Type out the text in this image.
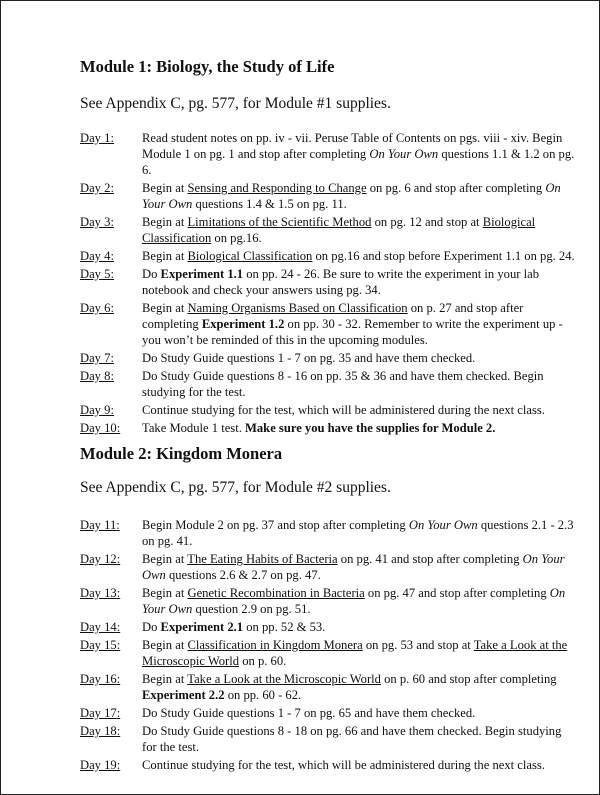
Module 1: Biology, the Study of Life

See Appendix C, pg. 577, for Module #1 supplies.

Day 1:	Read student notes on pp. iv - vii. Peruse Table of Contents on pgs. viii - xiv. Begin Module 1 on pg. 1 and stop after completing On Your Own questions 1.1 & 1.2 on pg. 6.
Day 2:	Begin at Sensing and Responding to Change on pg. 6 and stop after completing On Your Own questions 1.4 & 1.5 on pg. 11.
Day 3:	Begin at Limitations of the Scientific Method on pg. 12 and stop at Biological Classification on pg.16.
Day 4:	Begin at Biological Classification on pg.16 and stop before Experiment 1.1 on pg. 24.
Day 5:	Do Experiment 1.1 on pp. 24 - 26. Be sure to write the experiment in your lab notebook and check your answers using pg. 34.
Day 6:	Begin at Naming Organisms Based on Classification on p. 27 and stop after completing Experiment 1.2 on pp. 30 - 32. Remember to write the experiment up - you won’t be reminded of this in the upcoming modules.
Day 7:	Do Study Guide questions 1 - 7 on pg. 35 and have them checked.
Day 8:	Do Study Guide questions 8 - 16 on pp. 35 & 36 and have them checked. Begin studying for the test.
Day 9:	Continue studying for the test, which will be administered during the next class.
Day 10:	Take Module 1 test. Make sure you have the supplies for Module 2.
Module 2: Kingdom Monera

See Appendix C, pg. 577, for Module #2 supplies.

Day 11:	Begin Module 2 on pg. 37 and stop after completing On Your Own questions 2.1 - 2.3 on pg. 41.
Day 12:	Begin at The Eating Habits of Bacteria on pg. 41 and stop after completing On Your Own questions 2.6 & 2.7 on pg. 47.
Day 13:	Begin at Genetic Recombination in Bacteria on pg. 47 and stop after completing On Your Own question 2.9 on pg. 51.
Day 14:	Do Experiment 2.1 on pp. 52 & 53.
Day 15:	Begin at Classification in Kingdom Monera on pg. 53 and stop at Take a Look at the Microscopic World on p. 60.
Day 16:	Begin at Take a Look at the Microscopic World on p. 60 and stop after completing Experiment 2.2 on pp. 60 - 62.
Day 17:	Do Study Guide questions 1 - 7 on pg. 65 and have them checked.
Day 18:	Do Study Guide questions 8 - 18 on pg. 66 and have them checked. Begin studying for the test.
Day 19:	Continue studying for the test, which will be administered during the next class.
